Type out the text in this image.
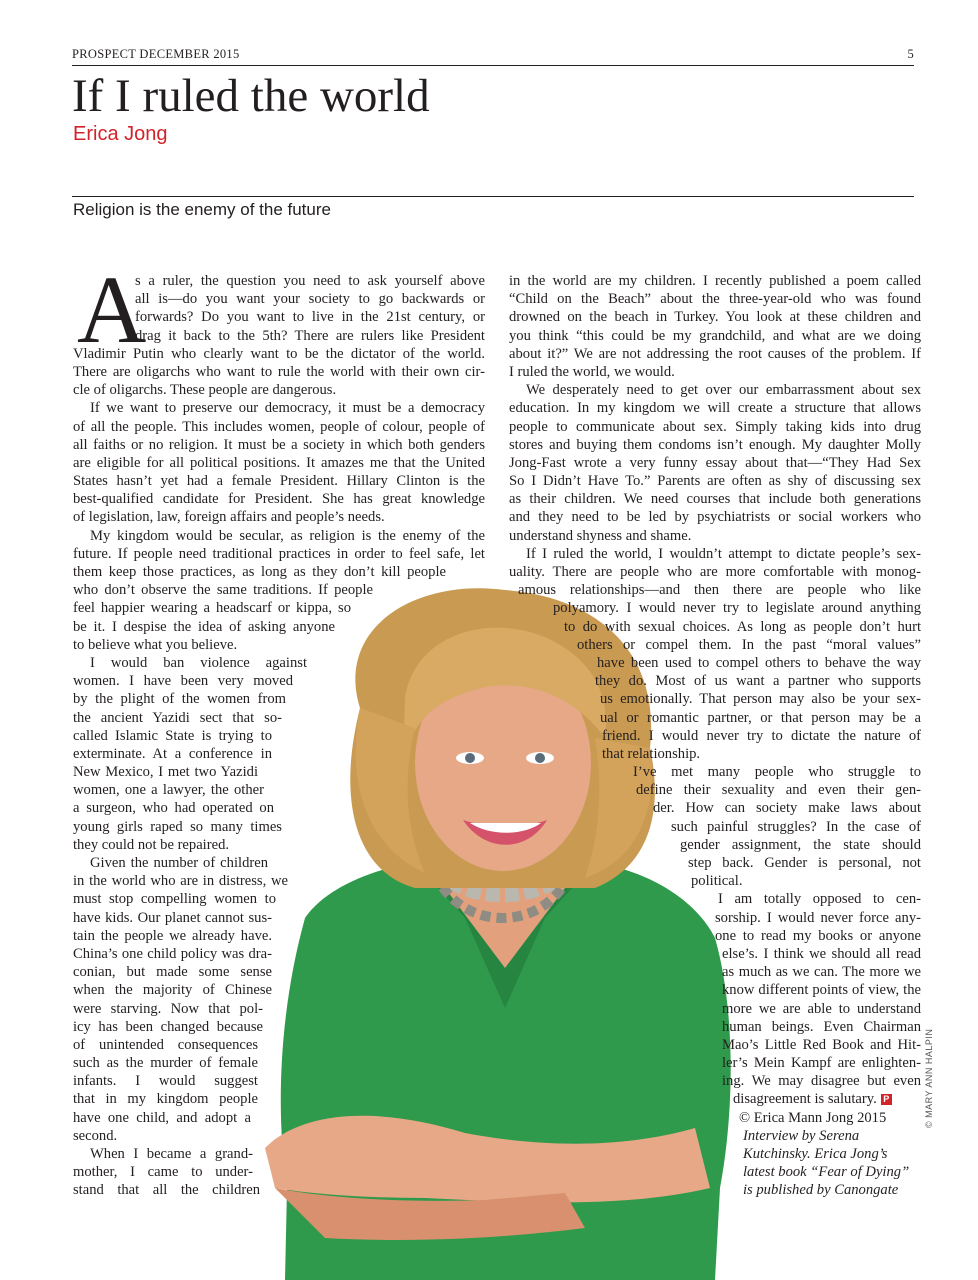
PROSPECT DECEMBER 2015	5
If I ruled the world
Erica Jong
Religion is the enemy of the future
A
s a ruler, the question you need to ask yourself above
all is—do you want your society to go backwards or
forwards? Do you want to live in the 21st century, or
drag it back to the 5th? There are rulers like President
Vladimir Putin who clearly want to be the dictator of the world.
There are oligarchs who want to rule the world with their own cir-
cle of oligarchs. These people are dangerous.
If we want to preserve our democracy, it must be a democracy
of all the people. This includes women, people of colour, people of
all faiths or no religion. It must be a society in which both genders
are eligible for all political positions. It amazes me that the United
States hasn’t yet had a female President. Hillary Clinton is the
best-qualified candidate for President. She has great knowledge
of legislation, law, foreign affairs and people’s needs.
My kingdom would be secular, as religion is the enemy of the
future. If people need traditional practices in order to feel safe, let
them keep those practices, as long as they don’t kill people
who don’t observe the same traditions. If people
feel happier wearing a headscarf or kippa, so
be it. I despise the idea of asking anyone
to believe what you believe.
I would ban violence against
women. I have been very moved
by the plight of the women from
the ancient Yazidi sect that so-
called Islamic State is trying to
exterminate. At a conference in
New Mexico, I met two Yazidi
women, one a lawyer, the other
a surgeon, who had operated on
young girls raped so many times
they could not be repaired.
Given the number of children
in the world who are in distress, we
must stop compelling women to
have kids. Our planet cannot sus-
tain the people we already have.
China’s one child policy was dra-
conian, but made some sense
when the majority of Chinese
were starving. Now that pol-
icy has been changed because
of unintended consequences
such as the murder of female
infants. I would suggest
that in my kingdom people
have one child, and adopt a
second.
When I became a grand-
mother, I came to under-
stand that all the children
in the world are my children. I recently published a poem called
“Child on the Beach” about the three-year-old who was found
drowned on the beach in Turkey. You look at these children and
you think “this could be my grandchild, and what are we doing
about it?” We are not addressing the root causes of the problem. If
I ruled the world, we would.
We desperately need to get over our embarrassment about sex
education. In my kingdom we will create a structure that allows
people to communicate about sex. Simply taking kids into drug
stores and buying them condoms isn’t enough. My daughter Molly
Jong-Fast wrote a very funny essay about that—“They Had Sex
So I Didn’t Have To.” Parents are often as shy of discussing sex
as their children. We need courses that include both generations
and they need to be led by psychiatrists or social workers who
understand shyness and shame.
If I ruled the world, I wouldn’t attempt to dictate people’s sex-
uality. There are people who are more comfortable with monog-
amous relationships—and then there are people who like
polyamory. I would never try to legislate around anything
to do with sexual choices. As long as people don’t hurt
others or compel them. In the past “moral values”
have been used to compel others to behave the way
they do. Most of us want a partner who supports
us emotionally. That person may also be your sex-
ual or romantic partner, or that person may be a
friend. I would never try to dictate the nature of
that relationship.
I’ve met many people who struggle to
define their sexuality and even their gen-
der. How can society make laws about
such painful struggles? In the case of
gender assignment, the state should
step back. Gender is personal, not
political.
I am totally opposed to cen-
sorship. I would never force any-
one to read my books or anyone
else’s. I think we should all read
as much as we can. The more we
know different points of view, the
more we are able to understand
human beings. Even Chairman
Mao’s Little Red Book and Hit-
ler’s Mein Kampf are enlighten-
ing. We may disagree but even
disagreement is salutary. P
© Erica Mann Jong 2015
Interview by Serena
Kutchinsky. Erica Jong’s
latest book “Fear of Dying”
is published by Canongate
© MARY ANN HALPIN
